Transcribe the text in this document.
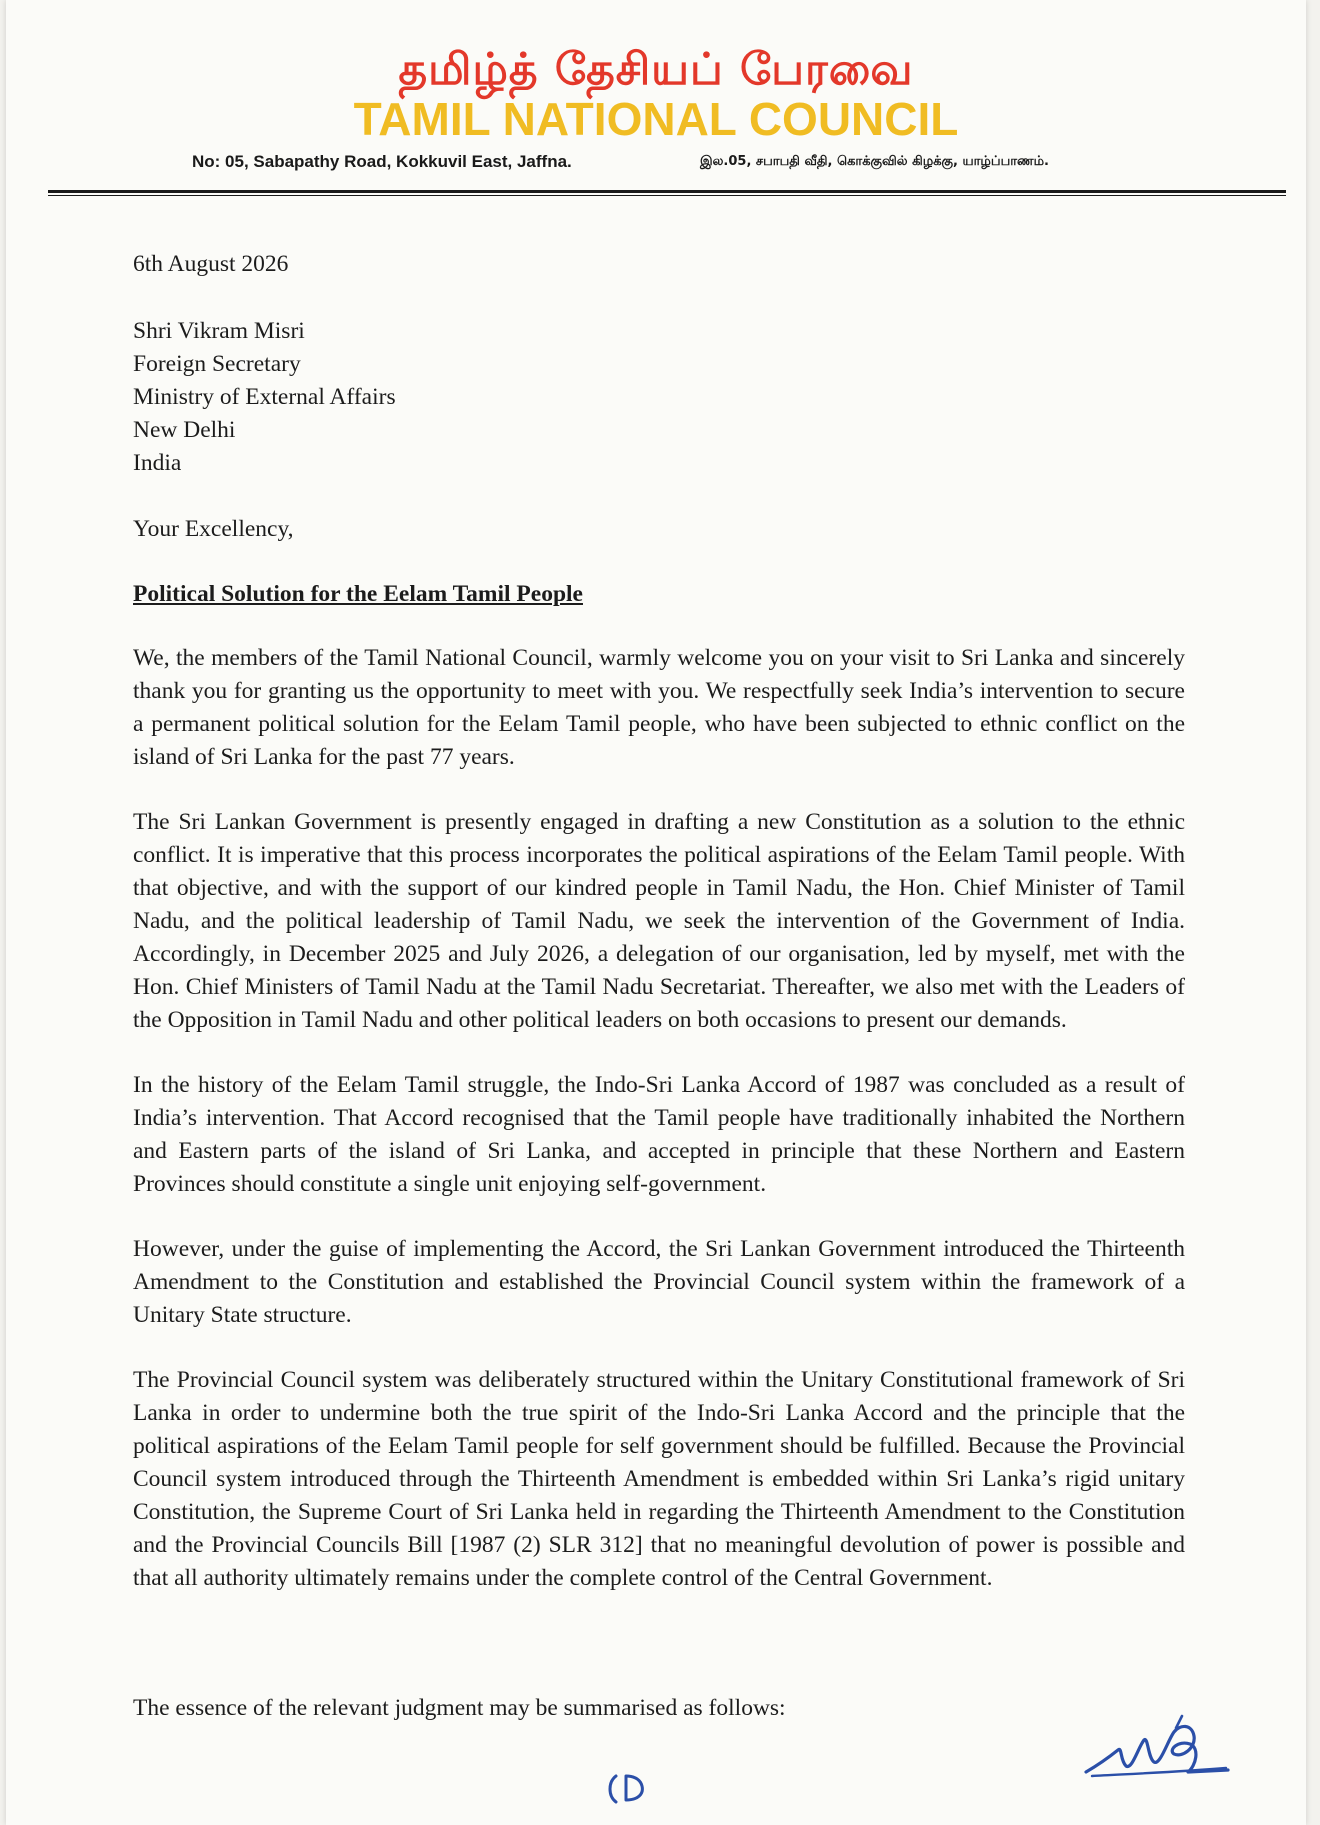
தமிழ்த் தேசியப் பேரவை
TAMIL NATIONAL COUNCIL
No: 05, Sabapathy Road, Kokkuvil East, Jaffna.	இல.05, சபாபதி வீதி, கொக்குவில் கிழக்கு, யாழ்ப்பாணம்.
6th August 2026
Shri Vikram Misri
Foreign Secretary
Ministry of External Affairs
New Delhi
India
Your Excellency,
Political Solution for the Eelam Tamil People

We, the members of the Tamil National Council, warmly welcome you on your visit to Sri Lanka and sincerely thank you for granting us the opportunity to meet with you. We respectfully seek India’s intervention to secure a permanent political solution for the Eelam Tamil people, who have been subjected to ethnic conflict on the island of Sri Lanka for the past 77 years.

The Sri Lankan Government is presently engaged in drafting a new Constitution as a solution to the ethnic conflict. It is imperative that this process incorporates the political aspirations of the Eelam Tamil people. With that objective, and with the support of our kindred people in Tamil Nadu, the Hon. Chief Minister of Tamil Nadu, and the political leadership of Tamil Nadu, we seek the intervention of the Government of India. Accordingly, in December 2025 and July 2026, a delegation of our organisation, led by myself, met with the Hon. Chief Ministers of Tamil Nadu at the Tamil Nadu Secretariat. Thereafter, we also met with the Leaders of the Opposition in Tamil Nadu and other political leaders on both occasions to present our demands.

In the history of the Eelam Tamil struggle, the Indo-Sri Lanka Accord of 1987 was concluded as a result of India’s intervention. That Accord recognised that the Tamil people have traditionally inhabited the Northern and Eastern parts of the island of Sri Lanka, and accepted in principle that these Northern and Eastern Provinces should constitute a single unit enjoying self-government.

However, under the guise of implementing the Accord, the Sri Lankan Government introduced the Thirteenth Amendment to the Constitution and established the Provincial Council system within the framework of a Unitary State structure.

The Provincial Council system was deliberately structured within the Unitary Constitutional framework of Sri Lanka in order to undermine both the true spirit of the Indo-Sri Lanka Accord and the principle that the political aspirations of the Eelam Tamil people for self government should be fulfilled. Because the Provincial Council system introduced through the Thirteenth Amendment is embedded within Sri Lanka’s rigid unitary Constitution, the Supreme Court of Sri Lanka held in regarding the Thirteenth Amendment to the Constitution and the Provincial Councils Bill [1987 (2) SLR 312] that no meaningful devolution of power is possible and that all authority ultimately remains under the complete control of the Central Government.

The essence of the relevant judgment may be summarised as follows:
